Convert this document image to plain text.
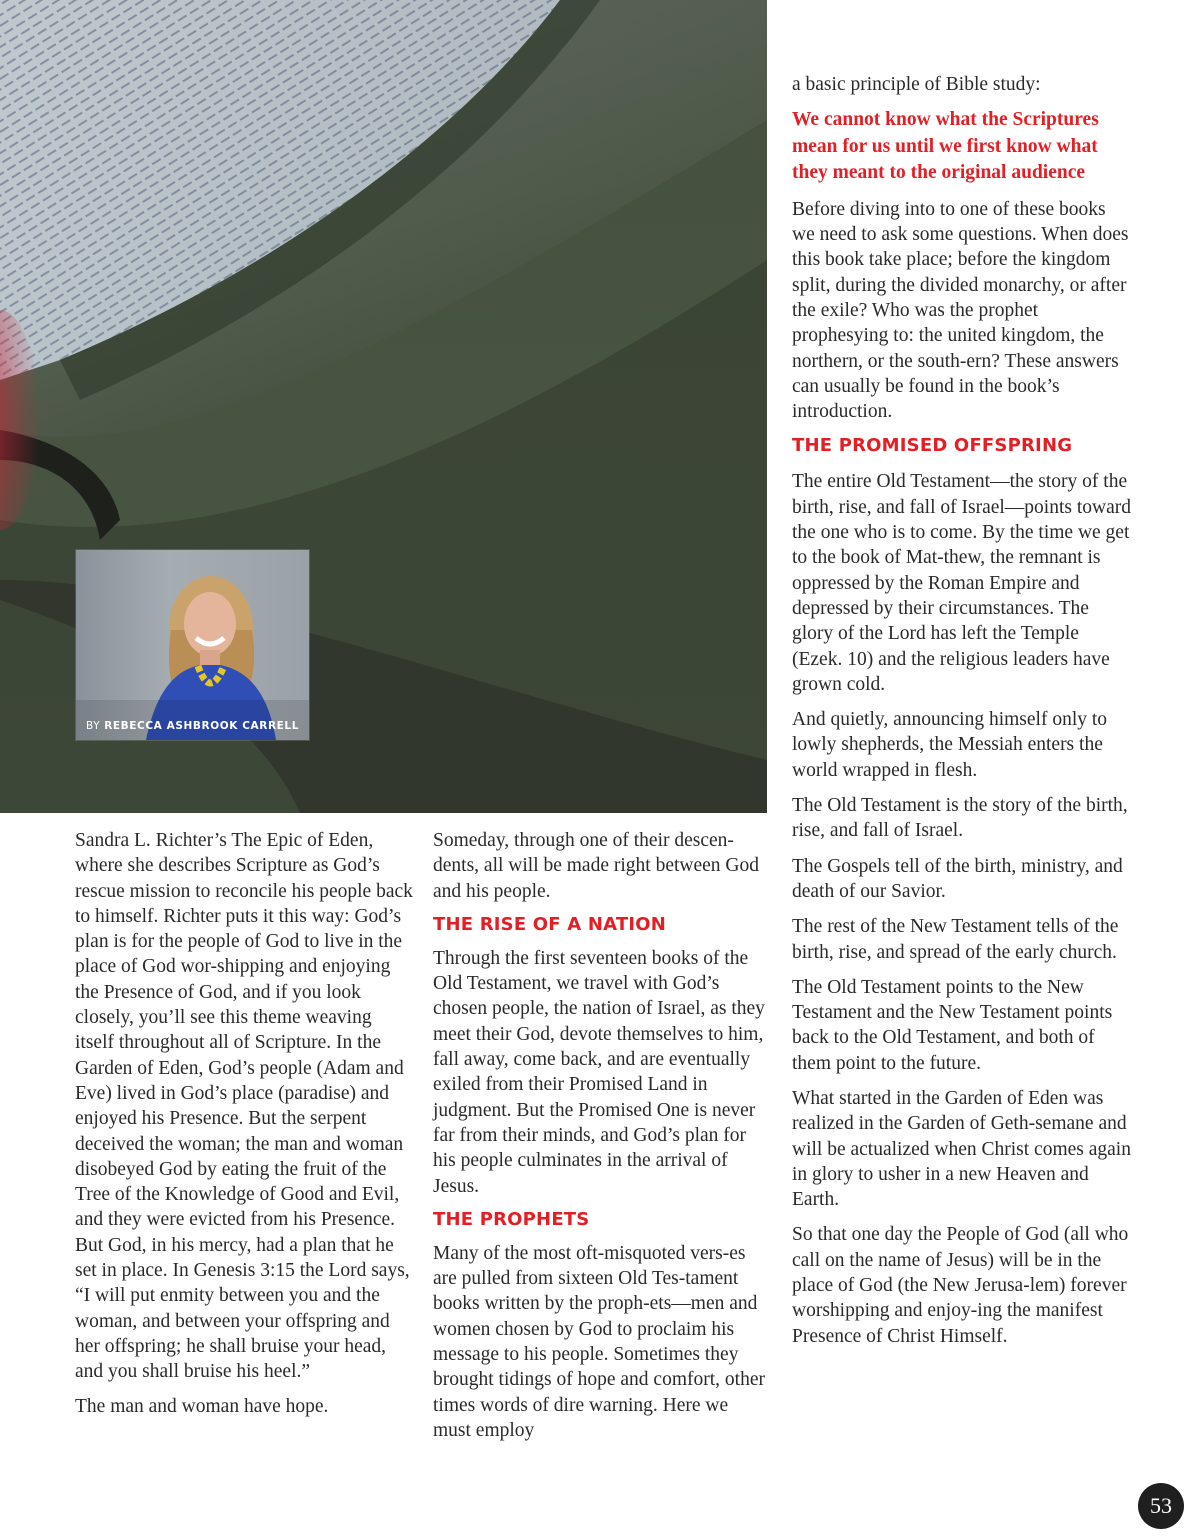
BY REBECCA ASHBROOK CARRELL

Sandra L. Richter’s The Epic of Eden, where she describes Scripture as God’s rescue mission to reconcile his people back to himself. Richter puts it this way: God’s plan is for the people of God to live in the place of God wor-shipping and enjoying the Presence of God, and if you look closely, you’ll see this theme weaving itself throughout all of Scripture. In the Garden of Eden, God’s people (Adam and Eve) lived in God’s place (paradise) and enjoyed his Presence. But the serpent deceived the woman; the man and woman disobeyed God by eating the fruit of the Tree of the Knowledge of Good and Evil, and they were evicted from his Presence. But God, in his mercy, had a plan that he set in place. In Genesis 3:15 the Lord says, “I will put enmity between you and the woman, and between your offspring and her offspring; he shall bruise your head, and you shall bruise his heel.”

The man and woman have hope.

Someday, through one of their descen-dents, all will be made right between God and his people.

THE RISE OF A NATION

Through the first seventeen books of the Old Testament, we travel with God’s chosen people, the nation of Israel, as they meet their God, devote themselves to him, fall away, come back, and are eventually exiled from their Promised Land in judgment. But the Promised One is never far from their minds, and God’s plan for his people culminates in the arrival of Jesus.

THE PROPHETS

Many of the most oft-misquoted vers-es are pulled from sixteen Old Tes-tament books written by the proph-ets—men and women chosen by God to proclaim his message to his people. Sometimes they brought tidings of hope and comfort, other times words of dire warning. Here we must employ

a basic principle of Bible study:

We cannot know what the Scriptures mean for us until we first know what they meant to the original audience

Before diving into to one of these books we need to ask some questions. When does this book take place; before the kingdom split, during the divided monarchy, or after the exile? Who was the prophet prophesying to: the united kingdom, the northern, or the south-ern? These answers can usually be found in the book’s introduction.

THE PROMISED OFFSPRING

The entire Old Testament—the story of the birth, rise, and fall of Israel—points toward the one who is to come. By the time we get to the book of Mat-thew, the remnant is oppressed by the Roman Empire and depressed by their circumstances. The glory of the Lord has left the Temple (Ezek. 10) and the religious leaders have grown cold.

And quietly, announcing himself only to lowly shepherds, the Messiah enters the world wrapped in flesh.

The Old Testament is the story of the birth, rise, and fall of Israel.

The Gospels tell of the birth, ministry, and death of our Savior.

The rest of the New Testament tells of the birth, rise, and spread of the early church.

The Old Testament points to the New Testament and the New Testament points back to the Old Testament, and both of them point to the future.

What started in the Garden of Eden was realized in the Garden of Geth-semane and will be actualized when Christ comes again in glory to usher in a new Heaven and Earth.

So that one day the People of God (all who call on the name of Jesus) will be in the place of God (the New Jerusa-lem) forever worshipping and enjoy-ing the manifest Presence of Christ Himself.

53
